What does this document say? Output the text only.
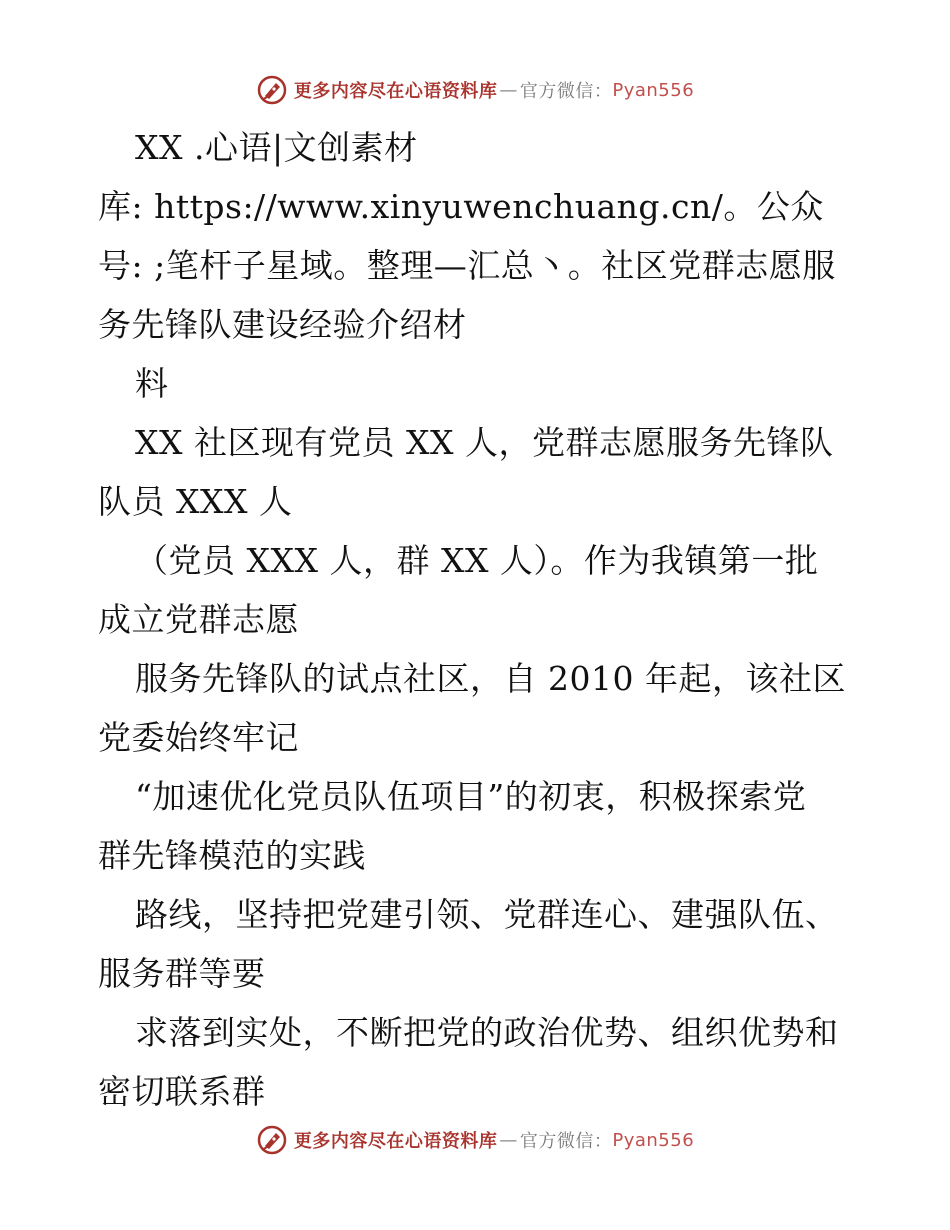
更多内容尽在心语资料库 — 官方微信： Pyan556
XX .心语|文创素材
库: https://www.xinyuwenchuang.cn/。公众
号: ;笔杆子星域。整理—汇总丶。社区党群志愿服
务先锋队建设经验介绍材
料
XX 社区现有党员 XX 人，党群志愿服务先锋队
队员 XXX 人
（党员 XXX 人，群 XX 人）。作为我镇第一批
成立党群志愿
服务先锋队的试点社区，自 2010 年起，该社区
党委始终牢记
“加速优化党员队伍项目”的初衷，积极探索党
群先锋模范的实践
路线，坚持把党建引领、党群连心、建强队伍、
服务群等要
求落到实处，不断把党的政治优势、组织优势和
密切联系群
更多内容尽在心语资料库 — 官方微信： Pyan556
